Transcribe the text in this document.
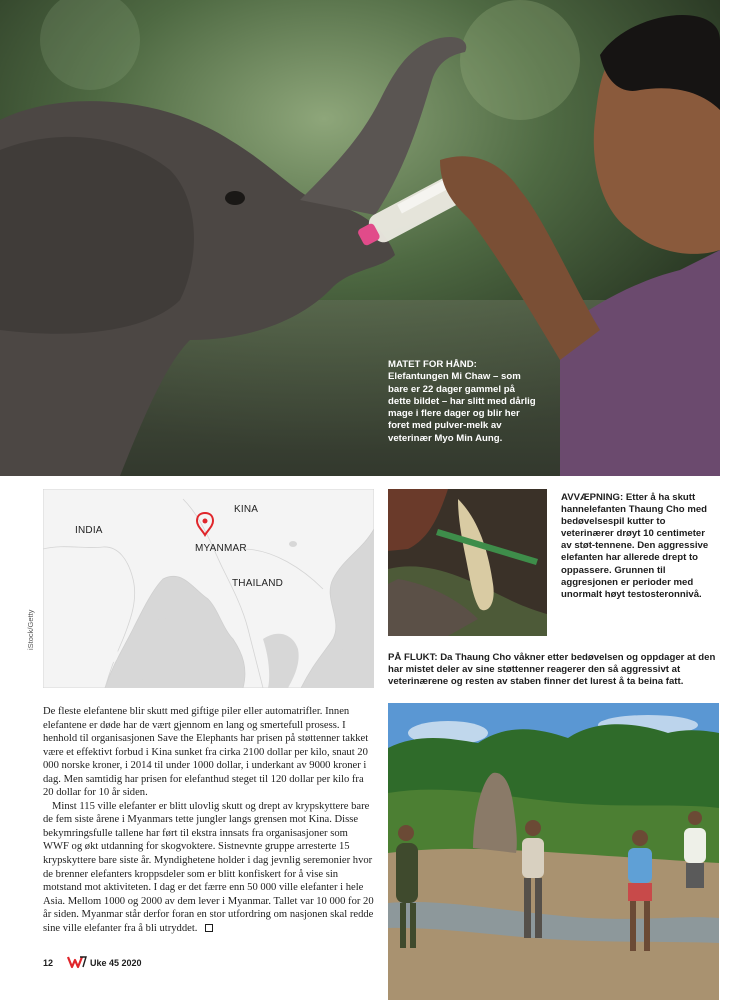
MATET FOR HÅND:
Elefantungen Mi Chaw – som bare er 22 dager gammel på dette bildet – har slitt med dårlig mage i flere dager og blir her foret med pulver-melk av veterinær Myo Min Aung.
INDIA
KINA
MYANMAR
THAILAND
iStock/Getty
AVVÆPNING: Etter å ha skutt hannelefanten Thaung Cho med bedøvelsespil kutter to veterinærer drøyt 10 centimeter av støt-tennene. Den aggressive elefanten har allerede drept to oppassere. Grunnen til aggresjonen er perioder med unormalt høyt testosteronnivå.
PÅ FLUKT: Da Thaung Cho våkner etter bedøvelsen og oppdager at den har mistet deler av sine støttenner reagerer den så aggressivt at veterinærene og resten av staben finner det lurest å ta beina fatt.

De fleste elefantene blir skutt med giftige piler eller automatrifler. Innen elefantene er døde har de vært gjennom en lang og smertefull prosess. I henhold til organisasjonen Save the Elephants har prisen på støttenner takket være et effektivt forbud i Kina sunket fra cirka 2100 dollar per kilo, snaut 20 000 norske kroner, i 2014 til under 1000 dollar, i underkant av 9000 kroner i dag. Men samtidig har prisen for elefanthud steget til 120 dollar per kilo fra 20 dollar for 10 år siden.

Minst 115 ville elefanter er blitt ulovlig skutt og drept av krypskyttere bare de fem siste årene i Myanmars tette jungler langs grensen mot Kina. Disse bekymringsfulle tallene har ført til ekstra innsats fra organisasjoner som WWF og økt utdanning for skogvoktere. Sistnevnte gruppe arresterte 15 krypskyttere bare siste år. Myndighetene holder i dag jevnlig seremonier hvor de brenner elefanters kroppsdeler som er blitt konfiskert for å vise sin motstand mot aktiviteten. I dag er det færre enn 50 000 ville elefanter i hele Asia. Mellom 1000 og 2000 av dem lever i Myanmar. Tallet var 10 000 for 20 år siden. Myanmar står derfor foran en stor utfordring om nasjonen skal redde sine ville elefanter fra å bli utryddet.

12	Uke 45 2020
